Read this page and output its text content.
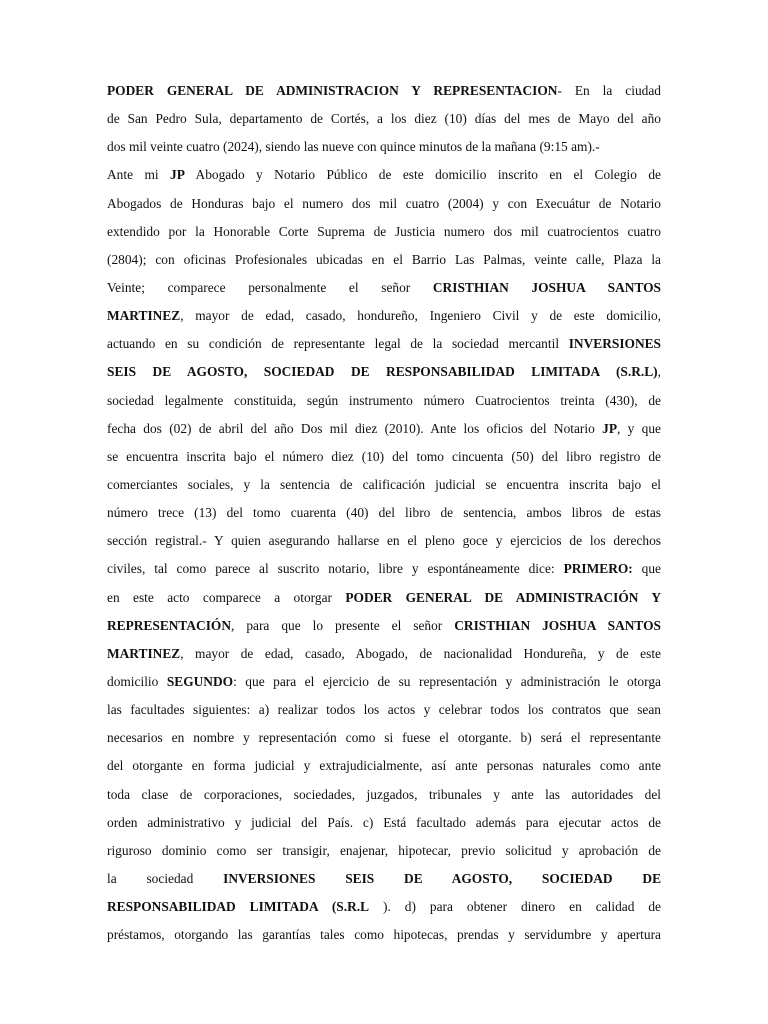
PODER GENERAL DE ADMINISTRACION Y REPRESENTACION- En la ciudad
de San Pedro Sula, departamento de Cortés, a los diez (10) días del mes de Mayo del año
dos mil veinte cuatro (2024), siendo las nueve con quince minutos de la mañana (9:15 am).-
Ante mi JP Abogado y Notario Público de este domicilio inscrito en el Colegio de
Abogados de Honduras bajo el numero dos mil cuatro (2004) y con Execuátur de Notario
extendido por la Honorable Corte Suprema de Justicia numero dos mil cuatrocientos cuatro
(2804); con oficinas Profesionales ubicadas en el Barrio Las Palmas, veinte calle, Plaza la
Veinte; comparece personalmente el señor CRISTHIAN JOSHUA SANTOS
MARTINEZ, mayor de edad, casado, hondureño, Ingeniero Civil y de este domicilio,
actuando en su condición de representante legal de la sociedad mercantil INVERSIONES
SEIS DE AGOSTO, SOCIEDAD DE RESPONSABILIDAD LIMITADA (S.R.L),
sociedad legalmente constituida, según instrumento número Cuatrocientos treinta (430), de
fecha dos (02) de abril del año Dos mil diez (2010). Ante los oficios del Notario JP, y que
se encuentra inscrita bajo el número diez (10) del tomo cincuenta (50) del libro registro de
comerciantes sociales, y la sentencia de calificación judicial se encuentra inscrita bajo el
número trece (13) del tomo cuarenta (40) del libro de sentencia, ambos libros de estas
sección registral.- Y quien asegurando hallarse en el pleno goce y ejercicios de los derechos
civiles, tal como parece al suscrito notario, libre y espontáneamente dice: PRIMERO: que
en este acto comparece a otorgar PODER GENERAL DE ADMINISTRACIÓN Y
REPRESENTACIÓN, para que lo presente el señor CRISTHIAN JOSHUA SANTOS
MARTINEZ, mayor de edad, casado, Abogado, de nacionalidad Hondureña, y de este
domicilio SEGUNDO: que para el ejercicio de su representación y administración le otorga
las facultades siguientes: a) realizar todos los actos y celebrar todos los contratos que sean
necesarios en nombre y representación como si fuese el otorgante. b) será el representante
del otorgante en forma judicial y extrajudicialmente, así ante personas naturales como ante
toda clase de corporaciones, sociedades, juzgados, tribunales y ante las autoridades del
orden administrativo y judicial del País. c) Está facultado además para ejecutar actos de
riguroso dominio como ser transigir, enajenar, hipotecar, previo solicitud y aprobación de
la sociedad INVERSIONES SEIS DE AGOSTO, SOCIEDAD DE
RESPONSABILIDAD LIMITADA (S.R.L ). d) para obtener dinero en calidad de
préstamos, otorgando las garantías tales como hipotecas, prendas y servidumbre y apertura
